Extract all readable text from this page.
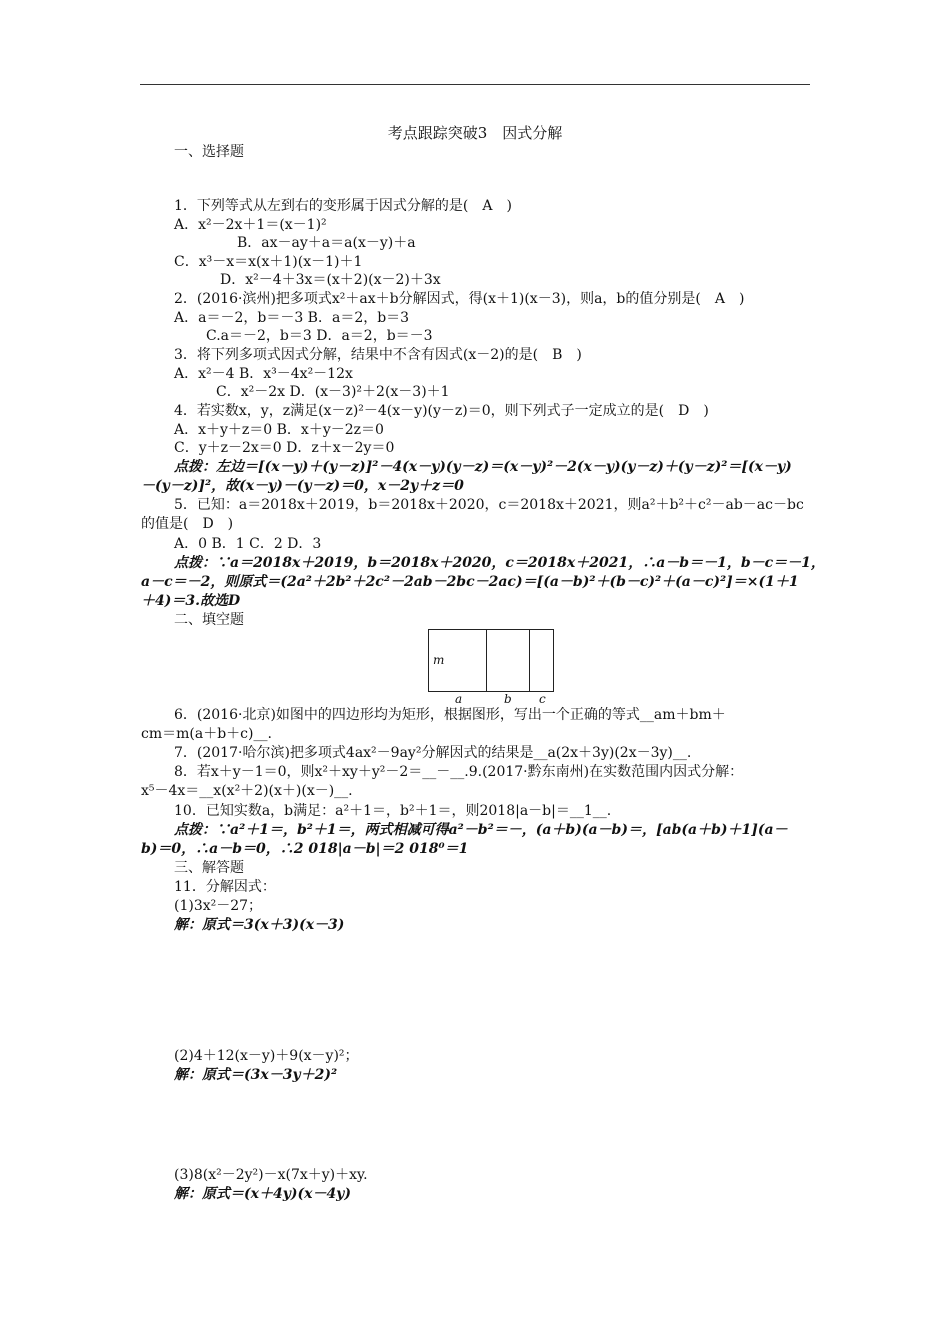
考点跟踪突破3　因式分解
一、选择题
1．下列等式从左到右的变形属于因式分解的是(　A　)
A．x²－2x＋1＝(x－1)²
B．ax－ay＋a＝a(x－y)＋a
C．x³－x＝x(x＋1)(x－1)＋1
D．x²－4＋3x＝(x＋2)(x－2)＋3x
2．(2016·滨州)把多项式x²＋ax＋b分解因式，得(x＋1)(x－3)，则a，b的值分别是(　A　)
A．a＝－2，b＝－3 B．a＝2，b＝3
C.a＝－2，b＝3 D．a＝2，b＝－3
3．将下列多项式因式分解，结果中不含有因式(x－2)的是(　B　)
A．x²－4 B．x³－4x²－12x
C．x²－2x D．(x－3)²＋2(x－3)＋1
4．若实数x，y，z满足(x－z)²－4(x－y)(y－z)＝0，则下列式子一定成立的是(　D　)
A．x＋y＋z＝0 B．x＋y－2z＝0
C．y＋z－2x＝0 D．z＋x－2y＝0
点拨：左边＝[(x－y)＋(y－z)]²－4(x－y)(y－z)＝(x－y)²－2(x－y)(y－z)＋(y－z)²＝[(x－y)
－(y－z)]²，故(x－y)－(y－z)＝0，x－2y＋z＝0
5．已知：a＝2018x＋2019，b＝2018x＋2020，c＝2018x＋2021，则a²＋b²＋c²－ab－ac－bc
的值是(　D　)
A．0 B．1 C．2 D．3
点拨：∵a＝2018x＋2019，b＝2018x＋2020，c＝2018x＋2021，∴a－b＝－1，b－c＝－1，
a－c＝－2，则原式＝(2a²＋2b²＋2c²－2ab－2bc－2ac)＝[(a－b)²＋(b－c)²＋(a－c)²]＝×(1＋1
＋4)＝3.故选D
二、填空题
6．(2016·北京)如图中的四边形均为矩形，根据图形，写出一个正确的等式__am＋bm＋
cm＝m(a＋b＋c)__.
7．(2017·哈尔滨)把多项式4ax²－9ay²分解因式的结果是__a(2x＋3y)(2x－3y)__.
8．若x＋y－1＝0，则x²＋xy＋y²－2＝__－__.9.(2017·黔东南州)在实数范围内因式分解：
x⁵－4x＝__x(x²＋2)(x＋)(x－)__.
10．已知实数a，b满足：a²＋1＝，b²＋1＝，则2018|a－b|＝__1__.
点拨：∵a²＋1＝，b²＋1＝，两式相减可得a²－b²＝－，(a＋b)(a－b)＝，[ab(a＋b)＋1](a－
b)＝0，∴a－b＝0，∴2 018|a－b|＝2 018⁰＝1
三、解答题
11．分解因式：
(1)3x²－27；
解：原式＝3(x＋3)(x－3)
(2)4＋12(x－y)＋9(x－y)²；
解：原式＝(3x－3y＋2)²
(3)8(x²－2y²)－x(7x＋y)＋xy.
解：原式＝(x＋4y)(x－4y)
m
a	b c
